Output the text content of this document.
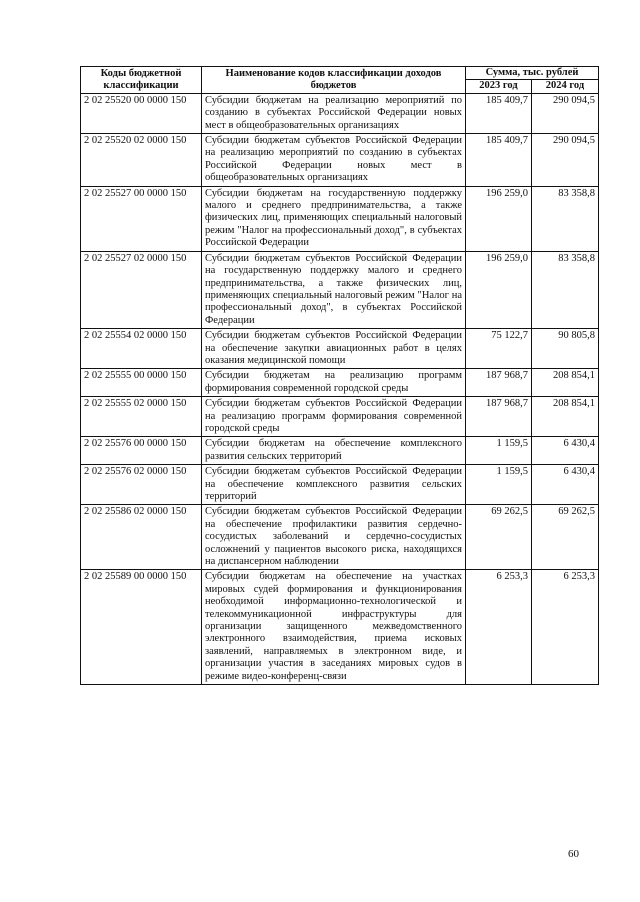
Коды бюджетной классификации	Наименование кодов классификации доходов бюджетов	Сумма, тыс. рублей	
		2023 год	2024 год
2 02 25520 00 0000 150	Субсидии бюджетам на реализацию мероприятий по созданию в субъектах Российской Федерации новых мест в общеобразовательных организациях	185 409,7	290 094,5
2 02 25520 02 0000 150	Субсидии бюджетам субъектов Российской Федерации на реализацию мероприятий по созданию в субъектах Российской Федерации новых мест в общеобразовательных организациях	185 409,7	290 094,5
2 02 25527 00 0000 150	Субсидии бюджетам на государственную поддержку малого и среднего предпринимательства, а также физических лиц, применяющих специальный налоговый режим "Налог на профессиональный доход", в субъектах Российской Федерации	196 259,0	83 358,8
2 02 25527 02 0000 150	Субсидии бюджетам субъектов Российской Федерации на государственную поддержку малого и среднего предпринимательства, а также физических лиц, применяющих специальный налоговый режим "Налог на профессиональный доход", в субъектах Российской Федерации	196 259,0	83 358,8
2 02 25554 02 0000 150	Субсидии бюджетам субъектов Российской Федерации на обеспечение закупки авиационных работ в целях оказания медицинской помощи	75 122,7	90 805,8
2 02 25555 00 0000 150	Субсидии бюджетам на реализацию программ формирования современной городской среды	187 968,7	208 854,1
2 02 25555 02 0000 150	Субсидии бюджетам субъектов Российской Федерации на реализацию программ формирования современной городской среды	187 968,7	208 854,1
2 02 25576 00 0000 150	Субсидии бюджетам на обеспечение комплексного развития сельских территорий	1 159,5	6 430,4
2 02 25576 02 0000 150	Субсидии бюджетам субъектов Российской Федерации на обеспечение комплексного развития сельских территорий	1 159,5	6 430,4
2 02 25586 02 0000 150	Субсидии бюджетам субъектов Российской Федерации на обеспечение профилактики развития сердечно-сосудистых заболеваний и сердечно-сосудистых осложнений у пациентов высокого риска, находящихся на диспансерном наблюдении	69 262,5	69 262,5
2 02 25589 00 0000 150	Субсидии бюджетам на обеспечение на участках мировых судей формирования и функционирования необходимой информационно-технологической и телекоммуникационной инфраструктуры для организации защищенного межведомственного электронного взаимодействия, приема исковых заявлений, направляемых в электронном виде, и организации участия в заседаниях мировых судов в режиме видео-конференц-связи	6 253,3	6 253,3
60
